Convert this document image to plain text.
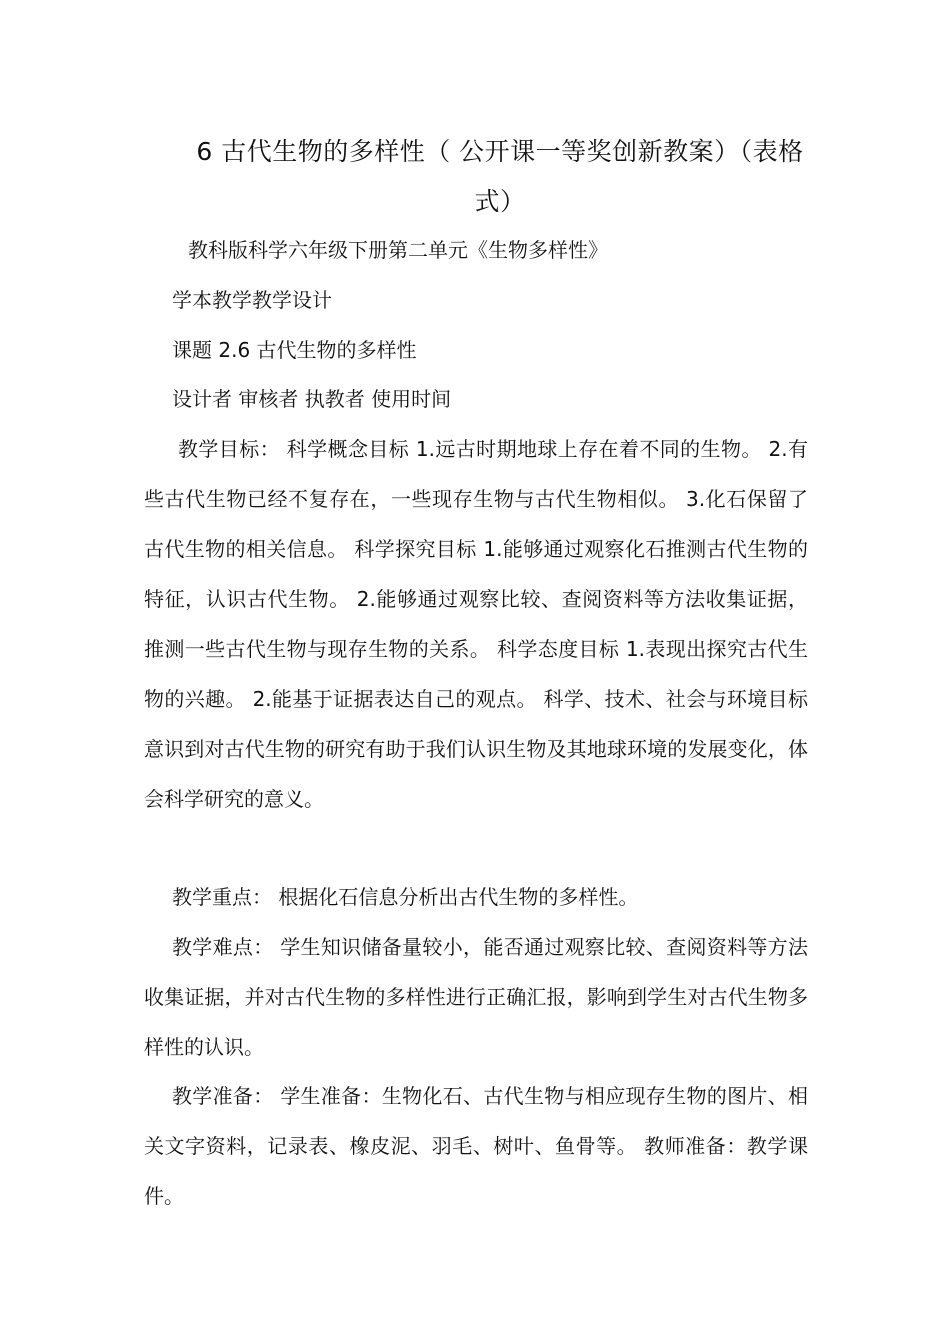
6 古代生物的多样性（ 公开课一等奖创新教案）（表格式）
教科版科学六年级下册第二单元《生物多样性》
学本教学教学设计
课题 2.6 古代生物的多样性
设计者 审核者 执教者 使用时间
教学目标： 科学概念目标 1.远古时期地球上存在着不同的生物。 2.有些古代生物已经不复存在，一些现存生物与古代生物相似。 3.化石保留了古代生物的相关信息。 科学探究目标 1.能够通过观察化石推测古代生物的特征，认识古代生物。 2.能够通过观察比较、查阅资料等方法收集证据，推测一些古代生物与现存生物的关系。 科学态度目标 1.表现出探究古代生物的兴趣。 2.能基于证据表达自己的观点。 科学、技术、社会与环境目标 意识到对古代生物的研究有助于我们认识生物及其地球环境的发展变化，体会科学研究的意义。
教学重点： 根据化石信息分析出古代生物的多样性。
教学难点： 学生知识储备量较小，能否通过观察比较、查阅资料等方法收集证据，并对古代生物的多样性进行正确汇报，影响到学生对古代生物多样性的认识。
教学准备： 学生准备：生物化石、古代生物与相应现存生物的图片、相关文字资料，记录表、橡皮泥、羽毛、树叶、鱼骨等。 教师准备：教学课件。
